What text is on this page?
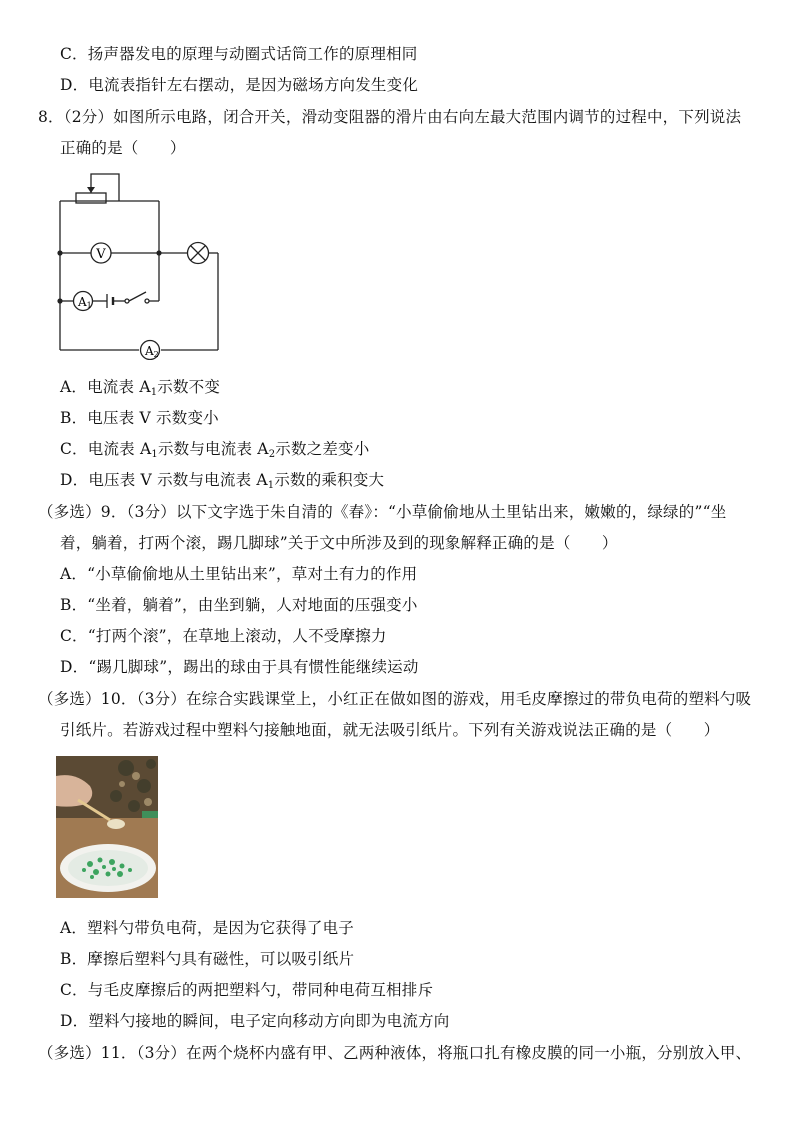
C．扬声器发电的原理与动圈式话筒工作的原理相同
D．电流表指针左右摆动，是因为磁场方向发生变化
8．（2分）如图所示电路，闭合开关，滑动变阻器的滑片由右向左最大范围内调节的过程中，下列说法
正确的是（　　）
V
A1
A2
A．电流表 $A_1$示数不变
B．电压表 V 示数变小
C．电流表 $A_1$示数与电流表 $A_2$示数之差变小
D．电压表 V 示数与电流表 $A_1$示数的乘积变大
（多选）9．（3分）以下文字选于朱自清的《春》：“小草偷偷地从土里钻出来，嫩嫩的，绿绿的”“坐
着，躺着，打两个滚，踢几脚球”关于文中所涉及到的现象解释正确的是（　　）
A．“小草偷偷地从土里钻出来”，草对土有力的作用
B．“坐着，躺着”，由坐到躺，人对地面的压强变小
C．“打两个滚”，在草地上滚动，人不受摩擦力
D．“踢几脚球”，踢出的球由于具有惯性能继续运动
（多选）10．（3分）在综合实践课堂上，小红正在做如图的游戏，用毛皮摩擦过的带负电荷的塑料勺吸
引纸片。若游戏过程中塑料勺接触地面，就无法吸引纸片。下列有关游戏说法正确的是（　　）
A．塑料勺带负电荷，是因为它获得了电子
B．摩擦后塑料勺具有磁性，可以吸引纸片
C．与毛皮摩擦后的两把塑料勺，带同种电荷互相排斥
D．塑料勺接地的瞬间，电子定向移动方向即为电流方向
（多选）11．（3分）在两个烧杯内盛有甲、乙两种液体，将瓶口扎有橡皮膜的同一小瓶，分别放入甲、
